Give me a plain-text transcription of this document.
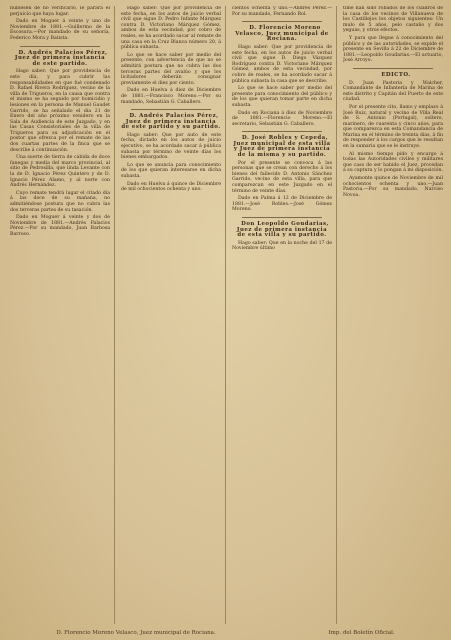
hubiesen de no verificarlo, le parará el perjuicio que haya lugar.

Dado en Moguer á veinte y uno de Noviembre de 1881.—Guillermo de la Escosura.—Por mandado de su señoría, Federico Mora y Batista.

D. Andrés Palacios Pérez, Juez de primera instancia de este partido.

Hago saber: Que por providencia de este día, y para cubrir las responsabilidades en que fué condenado D. Rafael Rivera Rodríguez, vecino de la villa de Trigueros, en la causa que contra el mismo se ha seguido por homicidio y lesiones en la persona de Manuel Gaudet Garrido, se ha señalado el día 21 de Enero del año próximo venidero en la Sala de Audiencia de este Juzgado, y en las Casas Consistoriales de la villa de Trigueros para su adjudicación en el postor que ofrezca por el remate de las dos cuartas partes de la finca que se describe á continuación.

Una suerte de tierra de cabida de doce fanegas y media del marco provincial, al sitio de Pedrosilla, que linda Levante con la de D. Ignacio Pérez Quintero y de D. Ignacio Pérez Alamo, y al norte con Andrés Hernández.

Cuyo remate tendrá lugar el citado día á las doce de su mañana, no admitiéndose postura que no cubra las dos terceras partes de su tasación.

Dado en Moguer á veinte y dos de Noviembre de 1881.—Andrés Palacios Pérez.—Por su mandado, Juan Barbosa Barroso.

Hago saber: Que por providencia de este fecha, en los autos de juicio verbal civil que sigue D. Pedro Infante Márquez contra D. Victoriano Márquez Gómez, ambos de esta vecindad, por cobro de reales, se ha acordado sacar al remate de una casa en la Cruz Blanca número 20, á pública subasta.

Lo que se hace saber por medio del presente, con advertencia de que no se admitirá postura que no cubra las dos terceras partes del avalúo y que los licitadores deberán consignar previamente el diez por ciento.

Dado en Huelva á diez de Diciembre de 1881.—Francisco Moreno.—Por su mandado, Sebastián G. Caballero.

D. Andrés Palacios Pérez, Juez de primera instancia de este partido y su partido.

Hago saber: Que por auto de este fecha, dictado en los autos de juicio ejecutivo, se ha acordado sacar á pública subasta por término de veinte días los bienes embargados.

Lo que se anuncia para conocimiento de los que quieran interesarse en dicha subasta.

Dado en Huelva á quince de Diciembre de mil ochocientos ochenta y uno.

cientos ochenta y uno.—Andrés Pérez.—Por su mandado, Fernando Rol.

D. Florencio Moreno Velasco, Juez municipal de Rociana.

Hago saber: Que por providencia de este fecha, en los autos de juicio verbal civil que sigue D. Diego Vázquez Rodríguez contra D. Victoriano Márquez Gómez, ambos de esta vecindad, por cobro de reales, se ha acordado sacar á pública subasta la casa que se describe.

Lo que se hace saber por medio del presente para conocimiento del público y de los que quieran tomar parte en dicha subasta.

Dado en Rociana á diez de Noviembre de 1881.—Florencio Moreno.—El secretario, Sebastián G. Caballero.

D. José Robles y Cepeda, Juez municipal de esta villa y Juez de primera instancia de la misma y su partido.

Por el presente se convoca á las personas que se crean con derecho á los bienes del fallecido D. Antonio Sánchez Garrido, vecino de esta villa, para que comparezcan en este Juzgado en el término de veinte días.

Dado en Palma á 12 de Diciembre de 1881.—José Robles.—José Gómez Moreno.

Don Leopoldo Goudarias, Juez de primera instancia de esta villa y su partido.

Hago saber: Que en la noche del 17 de Noviembre último

time han sido robados de los cuadros de la casa de los vecinos de Villanueva de los Castillejos los objetos siguientes: Un mulo de 5 años, pelo castaño y dos yeguas, y otros efectos.

Y para que llegue á conocimiento del público y de las autoridades, se expide el presente en Sevilla á 22 de Diciembre de 1881.—Leopoldo Goudarias.—El actuario, José Arroyo.

EDICTO.

D. Juan Pastoria y Walcher, Comandante de Infantería de Marina de este distrito y Capitán del Puerto de este ciudad.

Por el presente cito, llamo y emplazo á José Ruiz, natural y vecino de Villa Real de S. Antonio (Portugal), soltero, marinero, de cuarenta y cinco años, para que comparezca en esta Comandancia de Marina en el término de treinta días, á fin de responder á los cargos que le resultan en la sumaria que se le instruye.

Al mismo tiempo pido y encargo á todas las Autoridades civiles y militares que caso de ser habido el Juez, procedan á su captura y lo pongan á mi disposición.

Ayamonte quince de Noviembre de mil ochocientos ochenta y uno.—Juan Pastoria.—Por su mandado, Narciso Novoa.

D. Florencio Moreno Velasco, Juez municipal de Rociana.	Imp. del Boletín Oficial.
